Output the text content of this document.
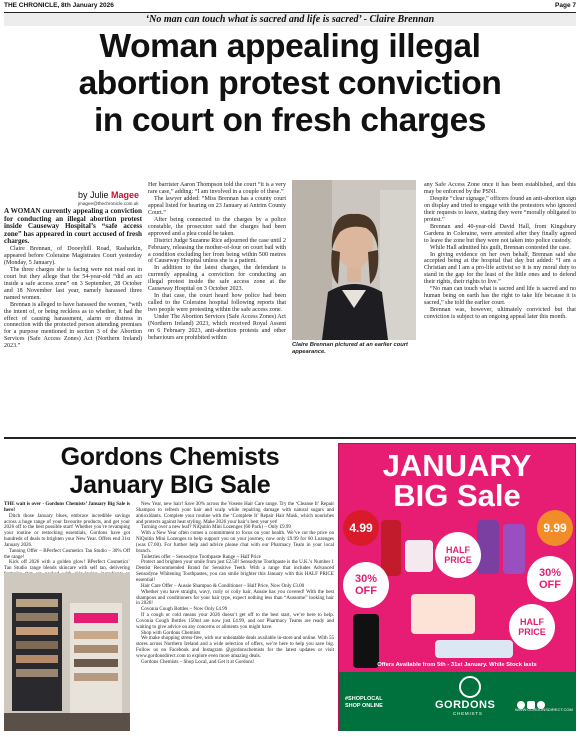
THE CHRONICLE, 8th January 2026	Page 7
‘No man can touch what is sacred and life is sacred’ - Claire Brennan
Woman appealing illegal
abortion protest conviction
in court on fresh charges
by Julie Magee
jmagee@thechronicle.com.uk

A WOMAN currently appealing a conviction for conducting an illegal abortion protest inside Causeway Hospital’s “safe access zone” has appeared in court accused of fresh charges.

Claire Brennan, of Dooeyhill Road, Rasharkin, appeared before Coleraine Magistrates Court yesterday (Monday, 5 January).

The three charges she is facing were not read out in court but they allege that the 54-year-old “did an act inside a safe access zone” on 3 September, 28 October and 18 November last year, namely harassed three named women.

Brennan is alleged to have harassed the women, “with the intent of, or being reckless as to whether, it had the effect of causing harassment, alarm or distress in connection with the protected person attending premises for a purpose mentioned in section 3 of the Abortion Services (Safe Access Zones) Act (Northern Ireland) 2023.”

Her barrister Aaron Thompson told the court “it is a very rare case,” adding: “I am involved in a couple of these.”

The lawyer added: “Miss Brennan has a county court appeal listed for hearing on 23 January at Antrim County Court.”

After being connected to the charges by a police constable, the prosecutor said the charges had been approved and a plea could be taken.

District Judge Suzanne Rice adjourned the case until 2 February, releasing the mother-of-four on court bail with a condition excluding her from being within 500 metres of Causeway Hospital unless she is a patient.

In addition to the latest charges, the defendant is currently appealing a conviction for conducting an illegal protest inside the safe access zone at the Causeway Hospital on 3 October 2023.

In that case, the court heard how police had been called to the Coleraine hospital following reports that two people were protesting within the safe access zone.

Under The Abortion Services (Safe Access Zones) Act (Northern Ireland) 2023, which received Royal Assent on 6 February 2023, anti-abortion protests and other behaviours are prohibited within

Claire Brennan pictured at an earlier court appearance.

any Safe Access Zone once it has been established, and this may be enforced by the PSNI.

Despite “clear signage,” officers found an anti-abortion sign on display and tried to engage with the protestors who ignored their requests to leave, stating they were “morally obligated to protest.”

Brennan and 40-year-old David Hall, from Kingsbury Gardens in Coleraine, were arrested after they finally agreed to leave the zone but they were not taken into police custody.

While Hall admitted his guilt, Brennan contested the case.

In giving evidence on her own behalf, Brennan said she accepted being at the hospital that day but added: “I am a Christian and I am a pro-life activist so it is my moral duty to stand in the gap for the least of the little ones and to defend their rights, their rights to live.”

“No man can touch what is sacred and life is sacred and no human being on earth has the right to take life because it is sacred,” she told the earlier court.

Brennan was, however, ultimately convicted but that conviction is subject to an ongoing appeal later this month.

Gordons Chemists
January BIG Sale

THE wait is over - Gordons Chemists’ January Big Sale is here!

Ditch those January blues, embrace incredible savings across a huge range of your favourite products, and get your 2026 off to the best possible start! Whether you’re revamping your routine or restocking essentials, Gordons have got hundreds of deals to brighten your New Year. Offers end 31st January 2026.

Tanning Offer – BPerfect Cosmetics Tan Studio – 30% Off the range!

Kick off 2026 with a golden glow! BPerfect Cosmetics’ Tan Studio range blends skincare with self tan, delivering

New Year, new hair! Save 30% across the Vosene Hair Care range. Try the ‘Cleanse It’ Repair Shampoo to refresh your hair and scalp while repairing damage with natural sugars and antioxidants. Complete your routine with the ‘Complete It’ Repair Hair Mask, which nourishes and protects against heat styling. Make 2026 your hair’s best year yet!

Turning over a new leaf? NiQuitin Mini Lozenges (60 Pack) – Only £9.99

With a New Year often comes a commitment to focus on your health. We’ve cut the price on NiQuitin Mini Lozenges to help support you on your journey, now only £9.99 for 60 Lozenges (was £7.00). For further help and advice please chat with our Pharmacy Team in your local branch.

Toiletries offer – Sensodyne Toothpaste Range – Half Price

Protect and brighten your smile from just £2.50! Sensodyne Toothpaste is the U.K.’s Number 1 Dentist Recommended Brand for Sensitive Teeth. With a range that includes Advanced Sensodyne Whitening Toothpastes, you can smile brighter this January with this HALF PRICE essential!

Hair Care Offer – Aussie Shampoo & Conditioner – Half Price, Now Only £3.00

Whether you have straight, wavy, curly or coily hair, Aussie has you covered! With the best shampoos and conditioners for your hair type, expect nothing less than “Aussome” looking hair in 2026!

Covonia Cough Bottles – Now Only £4.99

If a cough or cold means your 2026 doesn’t get off to the best start, we’re here to help. Covonia Cough Bottles 150ml are now just £4.99, and our Pharmacy Teams are ready and waiting to give advice on any concerns or ailments you might have.

Shop with Gordons Chemists

We make shopping stress-free, with our unbeatable deals available in-store and online. With 55 stores across Northern Ireland and a wide selection of offers, we’re here to help you save big. Follow us on Facebook and Instagram @gordonschemists for the latest updates or visit www.gordonsdirect.com to explore even more amazing deals.

Gordons Chemists – Shop Local, and Get it at Gordons!

JANUARY
BIG Sale
4.99	9.99
HALF PRICE
HALF PRICE
30% OFF
30% OFF
Offers Available from 5th - 31st January. While Stock lasts
#SHOPLOCAL
SHOP ONLINE	GORDONS
CHEMISTS
WWW.GORDONSDIRECT.COM
